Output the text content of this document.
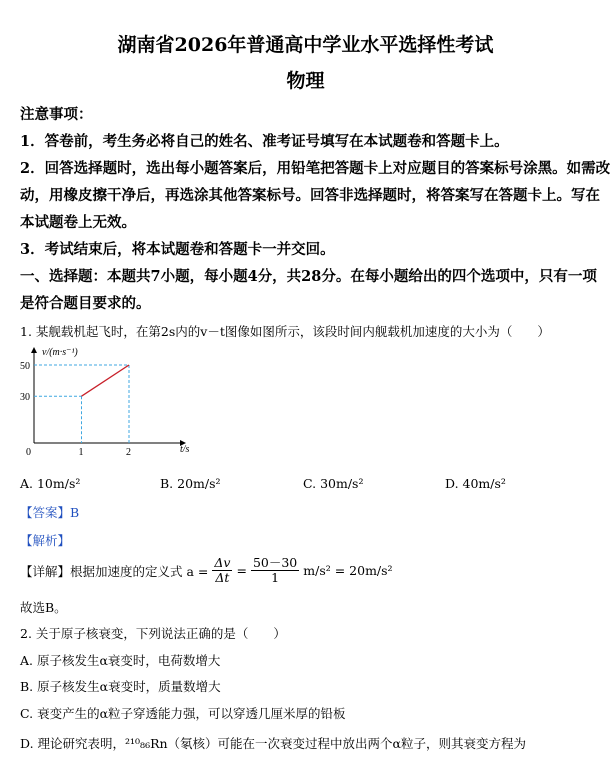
湖南省2026年普通高中学业水平选择性考试
物理
注意事项：
1．答卷前，考生务必将自己的姓名、准考证号填写在本试题卷和答题卡上。
2．回答选择题时，选出每小题答案后，用铅笔把答题卡上对应题目的答案标号涂黑。如需改
动，用橡皮擦干净后，再选涂其他答案标号。回答非选择题时，将答案写在答题卡上。写在
本试题卷上无效。
3．考试结束后，将本试题卷和答题卡一并交回。
一、选择题：本题共7小题，每小题4分，共28分。在每小题给出的四个选项中，只有一项
是符合题目要求的。
1. 某舰载机起飞时，在第2s内的v－t图像如图所示，该段时间内舰载机加速度的大小为（　　）
0	1	2
30
50
v/(m·s⁻¹)
t/s
A. 10m/s²	B. 20m/s²	C. 30m/s²	D. 40m/s²
【答案】B
【解析】
【详解】根据加速度的定义式 $a = \frac{\Delta v}{\Delta t} = \frac{50-30}{1} m/s^2 = 20m/s^2$
故选B。
2. 关于原子核衰变，下列说法正确的是（　　）
A. 原子核发生α衰变时，电荷数增大
B. 原子核发生α衰变时，质量数增大
C. 衰变产生的α粒子穿透能力强，可以穿透几厘米厚的铅板
D. 理论研究表明，²¹⁰₈₆Rn（氡核）可能在一次衰变过程中放出两个α粒子，则其衰变方程为
